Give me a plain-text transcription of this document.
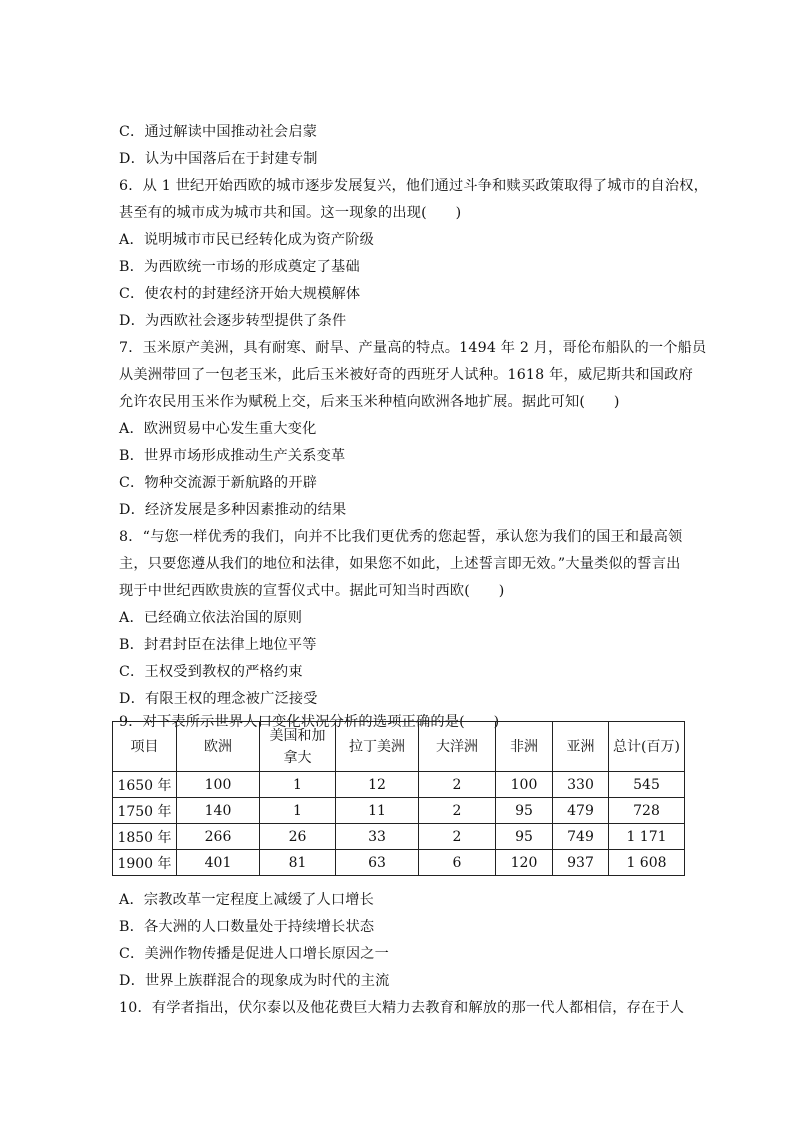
C．通过解读中国推动社会启蒙
D．认为中国落后在于封建专制
6．从 1 世纪开始西欧的城市逐步发展复兴，他们通过斗争和赎买政策取得了城市的自治权，
甚至有的城市成为城市共和国。这一现象的出现(　　)
A．说明城市市民已经转化成为资产阶级
B．为西欧统一市场的形成奠定了基础
C．使农村的封建经济开始大规模解体
D．为西欧社会逐步转型提供了条件
7．玉米原产美洲，具有耐寒、耐旱、产量高的特点。1494 年 2 月，哥伦布船队的一个船员
从美洲带回了一包老玉米，此后玉米被好奇的西班牙人试种。1618 年，威尼斯共和国政府
允许农民用玉米作为赋税上交，后来玉米种植向欧洲各地扩展。据此可知(　　)
A．欧洲贸易中心发生重大变化
B．世界市场形成推动生产关系变革
C．物种交流源于新航路的开辟
D．经济发展是多种因素推动的结果
8．“与您一样优秀的我们，向并不比我们更优秀的您起誓，承认您为我们的国王和最高领
主，只要您遵从我们的地位和法律，如果您不如此，上述誓言即无效。”大量类似的誓言出
现于中世纪西欧贵族的宣誓仪式中。据此可知当时西欧(　　)
A．已经确立依法治国的原则
B．封君封臣在法律上地位平等
C．王权受到教权的严格约束
D．有限王权的理念被广泛接受
9．对下表所示世界人口变化状况分析的选项正确的是(　　)
项目	欧洲	美国和加拿大	拉丁美洲	大洋洲	非洲	亚洲	总计(百万)
1650 年	100	1	12	2	100	330	545
1750 年	140	1	11	2	95	479	728
1850 年	266	26	33	2	95	749	1 171
1900 年	401	81	63	6	120	937	1 608
A．宗教改革一定程度上减缓了人口增长
B．各大洲的人口数量处于持续增长状态
C．美洲作物传播是促进人口增长原因之一
D．世界上族群混合的现象成为时代的主流
10．有学者指出，伏尔泰以及他花费巨大精力去教育和解放的那一代人都相信，存在于人
